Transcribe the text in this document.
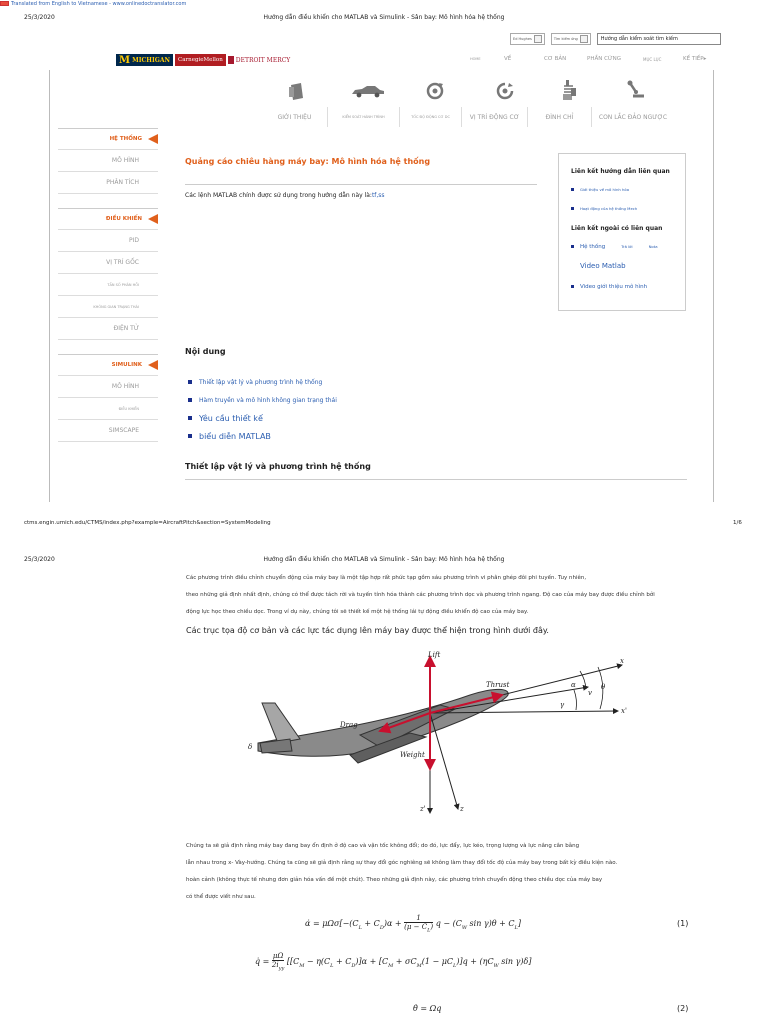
Translated from English to Vietnamese - www.onlinedoctranslator.com
25/3/2020	Hướng dẫn điều khiển cho MATLAB và Simulink - Sân bay: Mô hình hóa hệ thống
Ed Hughes	Tìm kiếm ứng	Hướng dẫn kiểm soát tìm kiếm
M MICHIGAN	CarnegieMellon	DETROIT MERCY	HOME	VỀ	CƠ BẢN	PHẦN CỨNG	MỤC LỤC	KẾ TIẾP▸
GIỚI THIỆU	KIỂM SOÁT HÀNH TRÌNH	TỐC ĐỘ ĐỘNG CƠ DC	VỊ TRÍ ĐỘNG CƠ	ĐÌNH CHỈ	CON LẮC ĐẢO NGƯỢC
HỆ THỐNG
MÔ HÌNH
PHÂN TÍCH
ĐIỀU KHIỂN
PID
VỊ TRÍ GỐC
TẦN SỐ PHẢN HỒI
KHÔNG GIAN TRẠNG THÁI
ĐIỆN TỬ
SIMULINK
MÔ HÌNH
ĐIỀU KHIỂN
SIMSCAPE
Quảng cáo chiêu hàng máy bay: Mô hình hóa hệ thống
Các lệnh MATLAB chính được sử dụng trong hướng dẫn này là:tf,ss
Liên kết hướng dẫn liên quan
Giới thiệu về mô hình hóa
Hoạt động của hệ thống Mech
Liên kết ngoài có liên quan
Hệ thống	Trả lời	Nota
Video Matlab
Video giới thiệu mô hình
Nội dung
Thiết lập vật lý và phương trình hệ thống
Hàm truyền và mô hình không gian trạng thái
Yêu cầu thiết kế
biểu diễn MATLAB
Thiết lập vật lý và phương trình hệ thống
ctms.engin.umich.edu/CTMS/index.php?example=AircraftPitch&section=SystemModeling	1/6
25/3/2020	Hướng dẫn điều khiển cho MATLAB và Simulink - Sân bay: Mô hình hóa hệ thống
Các phương trình điều chỉnh chuyển động của máy bay là một tập hợp rất phức tạp gồm sáu phương trình vi phân ghép đôi phi tuyến. Tuy nhiên,
theo những giả định nhất định, chúng có thể được tách rời và tuyến tính hóa thành các phương trình dọc và phương trình ngang. Độ cao của máy bay được điều chỉnh bởi
động lực học theo chiều dọc. Trong ví dụ này, chúng tôi sẽ thiết kế một hệ thống lái tự động điều khiển độ cao của máy bay.
Các trục tọa độ cơ bản và các lực tác dụng lên máy bay được thể hiện trong hình dưới đây.
Lift
Thrust
Drag
Weight
α	θ
γ
v
δ
x
x'
z
z'
Chúng ta sẽ giả định rằng máy bay đang bay ổn định ở độ cao và vận tốc không đổi; do đó, lực đẩy, lực kéo, trọng lượng và lực nâng cân bằng
lẫn nhau trong x- Vày-hướng. Chúng ta cũng sẽ giả định rằng sự thay đổi góc nghiêng sẽ không làm thay đổi tốc độ của máy bay trong bất kỳ điều kiện nào.
hoàn cảnh (không thực tế nhưng đơn giản hóa vấn đề một chút). Theo những giả định này, các phương trình chuyển động theo chiều dọc của máy bay
có thể được viết như sau.
α̇ = $\mu\Omega\sigma[-(C_L + C_D)\alpha + \frac{1}{(\mu - C_L)}$ $q - (C_W$ $\sin \gamma)\theta + C_L$]	(1)
q̇ =
μΩ
$2i_{yy}$
[$[C_M - \eta(C_L + C_D)]\alpha + [C_M + \sigma C_M(1 - \mu C_L)]q + (\eta C_W$ sin γ)δ]
θ̇ = Ωq	(2)
